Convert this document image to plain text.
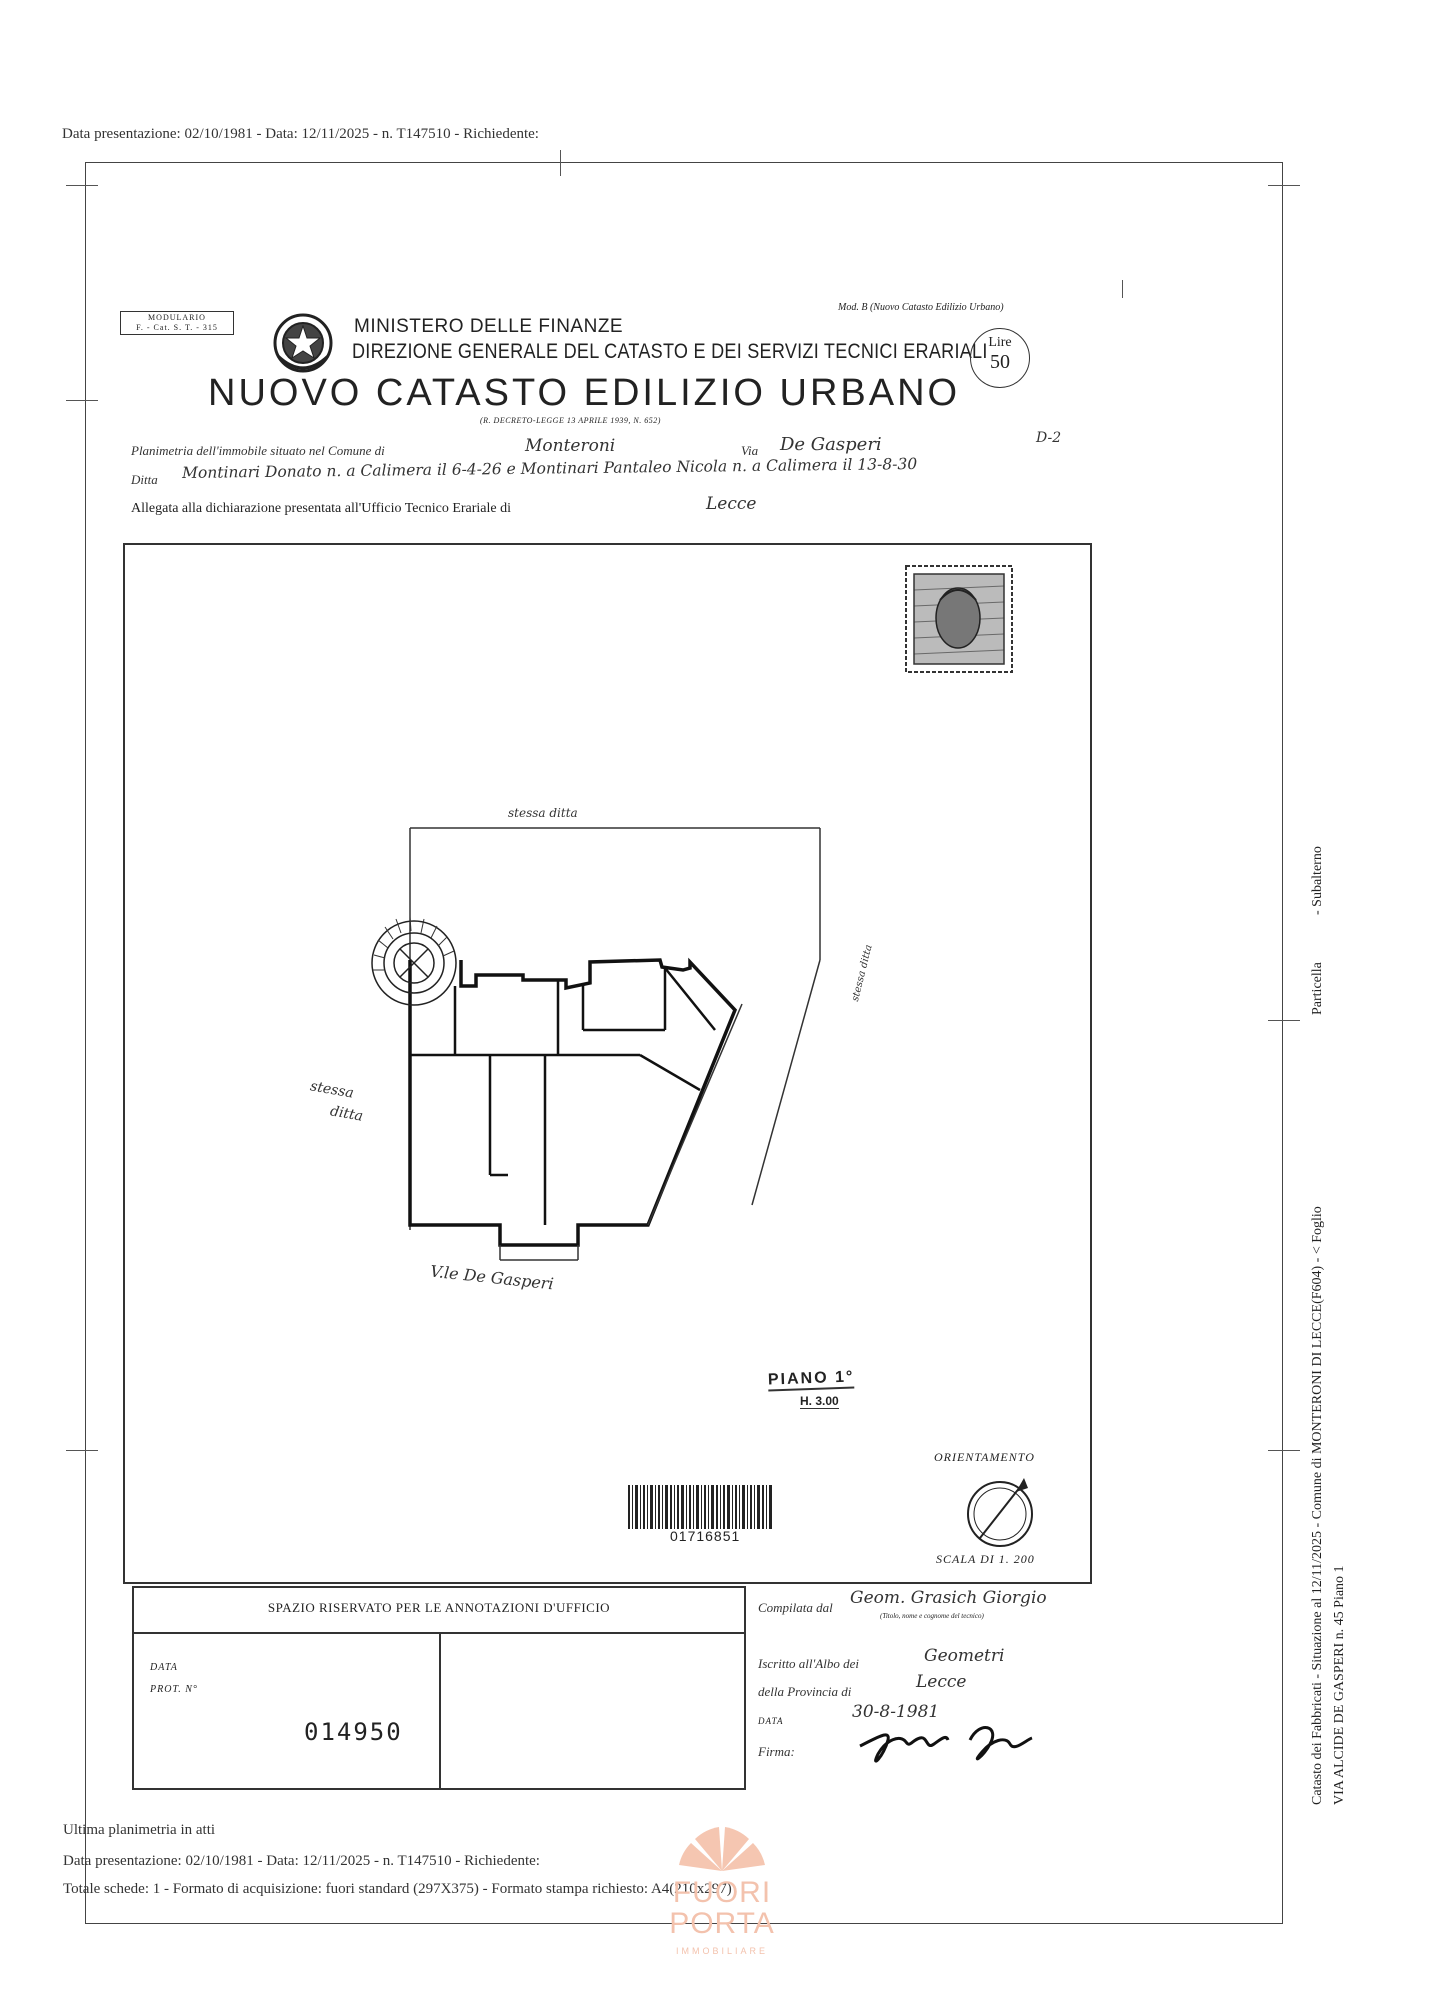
Data presentazione: 02/10/1981 - Data: 12/11/2025 - n. T147510 - Richiedente:
MODULARIO
F. - Cat. S. T. - 315	MINISTERO DELLE FINANZE
DIREZIONE GENERALE DEL CATASTO E DEI SERVIZI TECNICI ERARIALI
Mod. B (Nuovo Catasto Edilizio Urbano)
Lire
50
NUOVO CATASTO EDILIZIO URBANO
(R. DECRETO-LEGGE 13 APRILE 1939, N. 652)
Planimetria dell'immobile situato nel Comune di	Monteroni	Via De Gasperi	D-2
Ditta Montinari Donato n. a Calimera il 6-4-26 e Montinari Pantaleo Nicola n. a Calimera il 13-8-30
Allegata alla dichiarazione presentata all'Ufficio Tecnico Erariale di	Lecce
stessa ditta
stessa
ditta
V.le De Gasperi
stessa ditta
PIANO 1°
H. 3.00
ORIENTAMENTO
SCALA DI 1. 200
01716851
SPAZIO RISERVATO PER LE ANNOTAZIONI D'UFFICIO
DATA
PROT. N°
014950
Compilata dal Geom. Grasich Giorgio
(Titolo, nome e cognome del tecnico)
Iscritto all'Albo dei	Geometri
della Provincia di	Lecce
DATA	30-8-1981
Firma:
Ultima planimetria in atti
Data presentazione: 02/10/1981 - Data: 12/11/2025 - n. T147510 - Richiedente:
Totale schede: 1 - Formato di acquisizione: fuori standard (297X375) - Formato stampa richiesto: A4(210x297)
FUORI
PORTA
IMMOBILIARE
Catasto dei Fabbricati - Situazione al 12/11/2025 - Comune di MONTERONI DI LECCE(F604) - < Foglio
Particella
- Subalterno
VIA ALCIDE DE GASPERI n. 45 Piano 1
